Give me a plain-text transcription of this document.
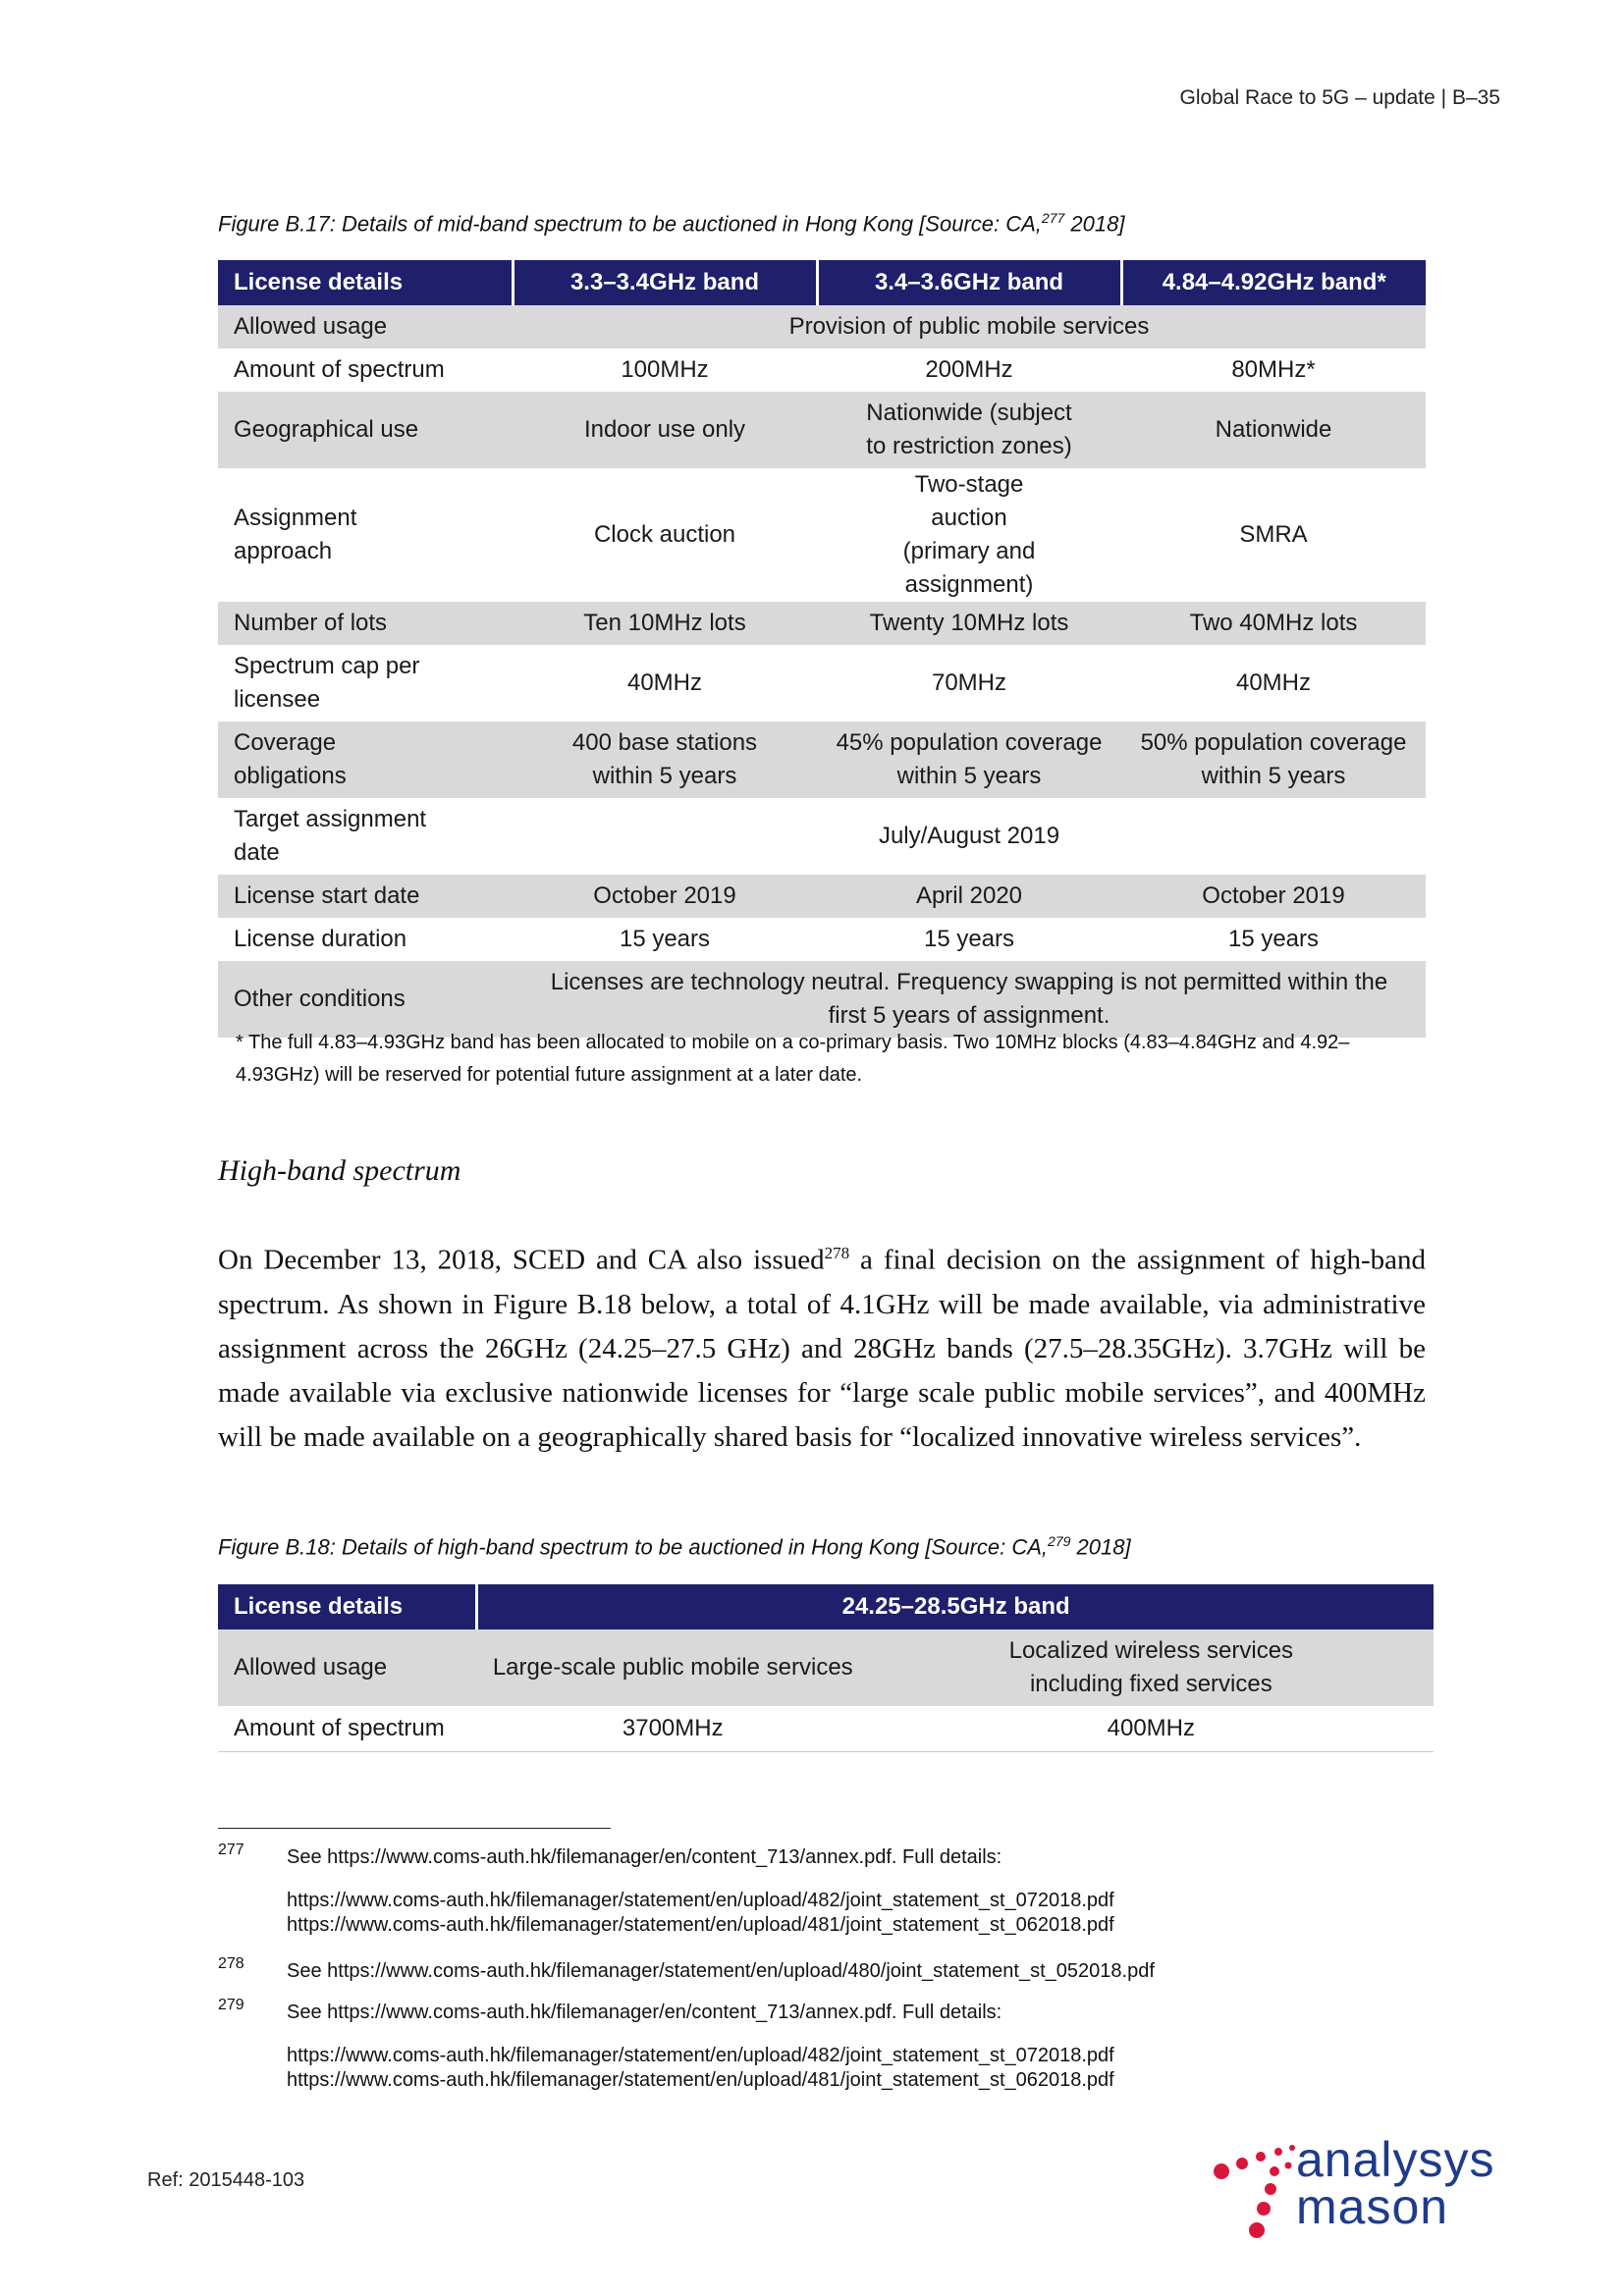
Global Race to 5G – update | B–35
Figure B.17: Details of mid-band spectrum to be auctioned in Hong Kong [Source: CA,$^{277}$ 2018]
License details	3.3–3.4GHz band	3.4–3.6GHz band	4.84–4.92GHz band*
Allowed usage	Provision of public mobile services		
Amount of spectrum	100MHz	200MHz	80MHz*
Geographical use	Indoor use only	Nationwide (subject to restriction zones)	Nationwide
Assignment approach	Clock auction	Two-stage auction (primary and assignment)	SMRA
Number of lots	Ten 10MHz lots	Twenty 10MHz lots	Two 40MHz lots
Spectrum cap per licensee	40MHz	70MHz	40MHz
Coverage obligations	400 base stations within 5 years	45% population coverage within 5 years	50% population coverage within 5 years
Target assignment date	July/August 2019		
License start date	October 2019	April 2020	October 2019
License duration	15 years	15 years	15 years
Other conditions	Licenses are technology neutral. Frequency swapping is not permitted within the first 5 years of assignment.		
* The full 4.83–4.93GHz band has been allocated to mobile on a co-primary basis. Two 10MHz blocks (4.83–4.84GHz and 4.92–4.93GHz) will be reserved for potential future assignment at a later date.
High-band spectrum
On December 13, 2018, SCED and CA also issued$^{278}$ a final decision on the assignment of high-band spectrum. As shown in Figure B.18 below, a total of 4.1GHz will be made available, via administrative assignment across the 26GHz (24.25–27.5 GHz) and 28GHz bands (27.5–28.35GHz). 3.7GHz will be made available via exclusive nationwide licenses for “large scale public mobile services”, and 400MHz will be made available on a geographically shared basis for “localized innovative wireless services”.
Figure B.18: Details of high-band spectrum to be auctioned in Hong Kong [Source: CA,$^{279}$ 2018]
License details	24.25–28.5GHz band	
Allowed usage	Large-scale public mobile services	Localized wireless services including fixed services
Amount of spectrum	3700MHz	400MHz
277 See https://www.coms-auth.hk/filemanager/en/content_713/annex.pdf. Full details:
https://www.coms-auth.hk/filemanager/statement/en/upload/482/joint_statement_st_072018.pdf
https://www.coms-auth.hk/filemanager/statement/en/upload/481/joint_statement_st_062018.pdf
278 See https://www.coms-auth.hk/filemanager/statement/en/upload/480/joint_statement_st_052018.pdf
279 See https://www.coms-auth.hk/filemanager/en/content_713/annex.pdf. Full details:
https://www.coms-auth.hk/filemanager/statement/en/upload/482/joint_statement_st_072018.pdf
https://www.coms-auth.hk/filemanager/statement/en/upload/481/joint_statement_st_062018.pdf
Ref: 2015448-103	analysys
mason
